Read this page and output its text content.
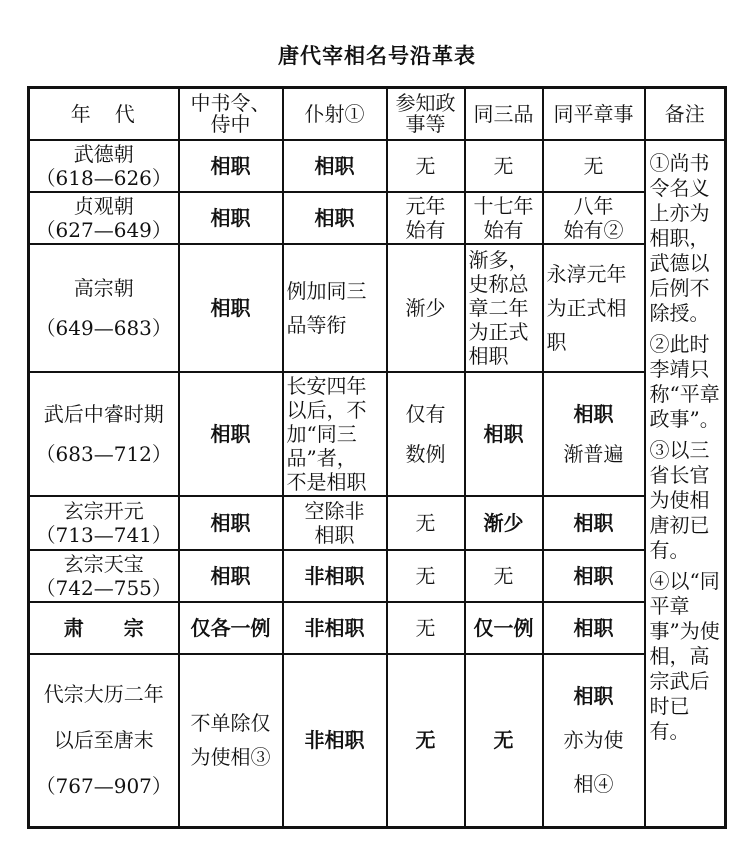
唐代宰相名号沿革表
年　代	中书令、
侍中	仆射①	参知政
事等	同三品	同平章事	备注

武德朝
（618—626）	相职	相职	无	无	无	①尚书令名义上亦为相职，武德以后例不除授。
②此时李靖只称“平章政事”。
③以三省长官为使相唐初已有。
④以“同平章事”为使相，高宗武后时已有。

贞观朝
（627—649）	相职	相职	元年
始有	十七年
始有	八年
始有②	

高宗朝
（649—683）	相职	例加同三
品等衔	渐少	渐多，
史称总
章二年
为正式
相职	永淳元年
为正式相
职	

武后中睿时期
（683—712）	相职	长安四年
以后，不
加“同三
品”者，
不是相职	仅有
数例	相职	相职
渐普遍	

玄宗开元
（713—741）	相职	空除非
相职	无	渐少	相职	

玄宗天宝
（742—755）	相职	非相职	无	无	相职	

肃　　宗	仅各一例	非相职	无	仅一例	相职	

代宗大历二年
以后至唐末
（767—907）	不单除仅
为使相③	非相职	无	无	相职
亦为使
相④	
